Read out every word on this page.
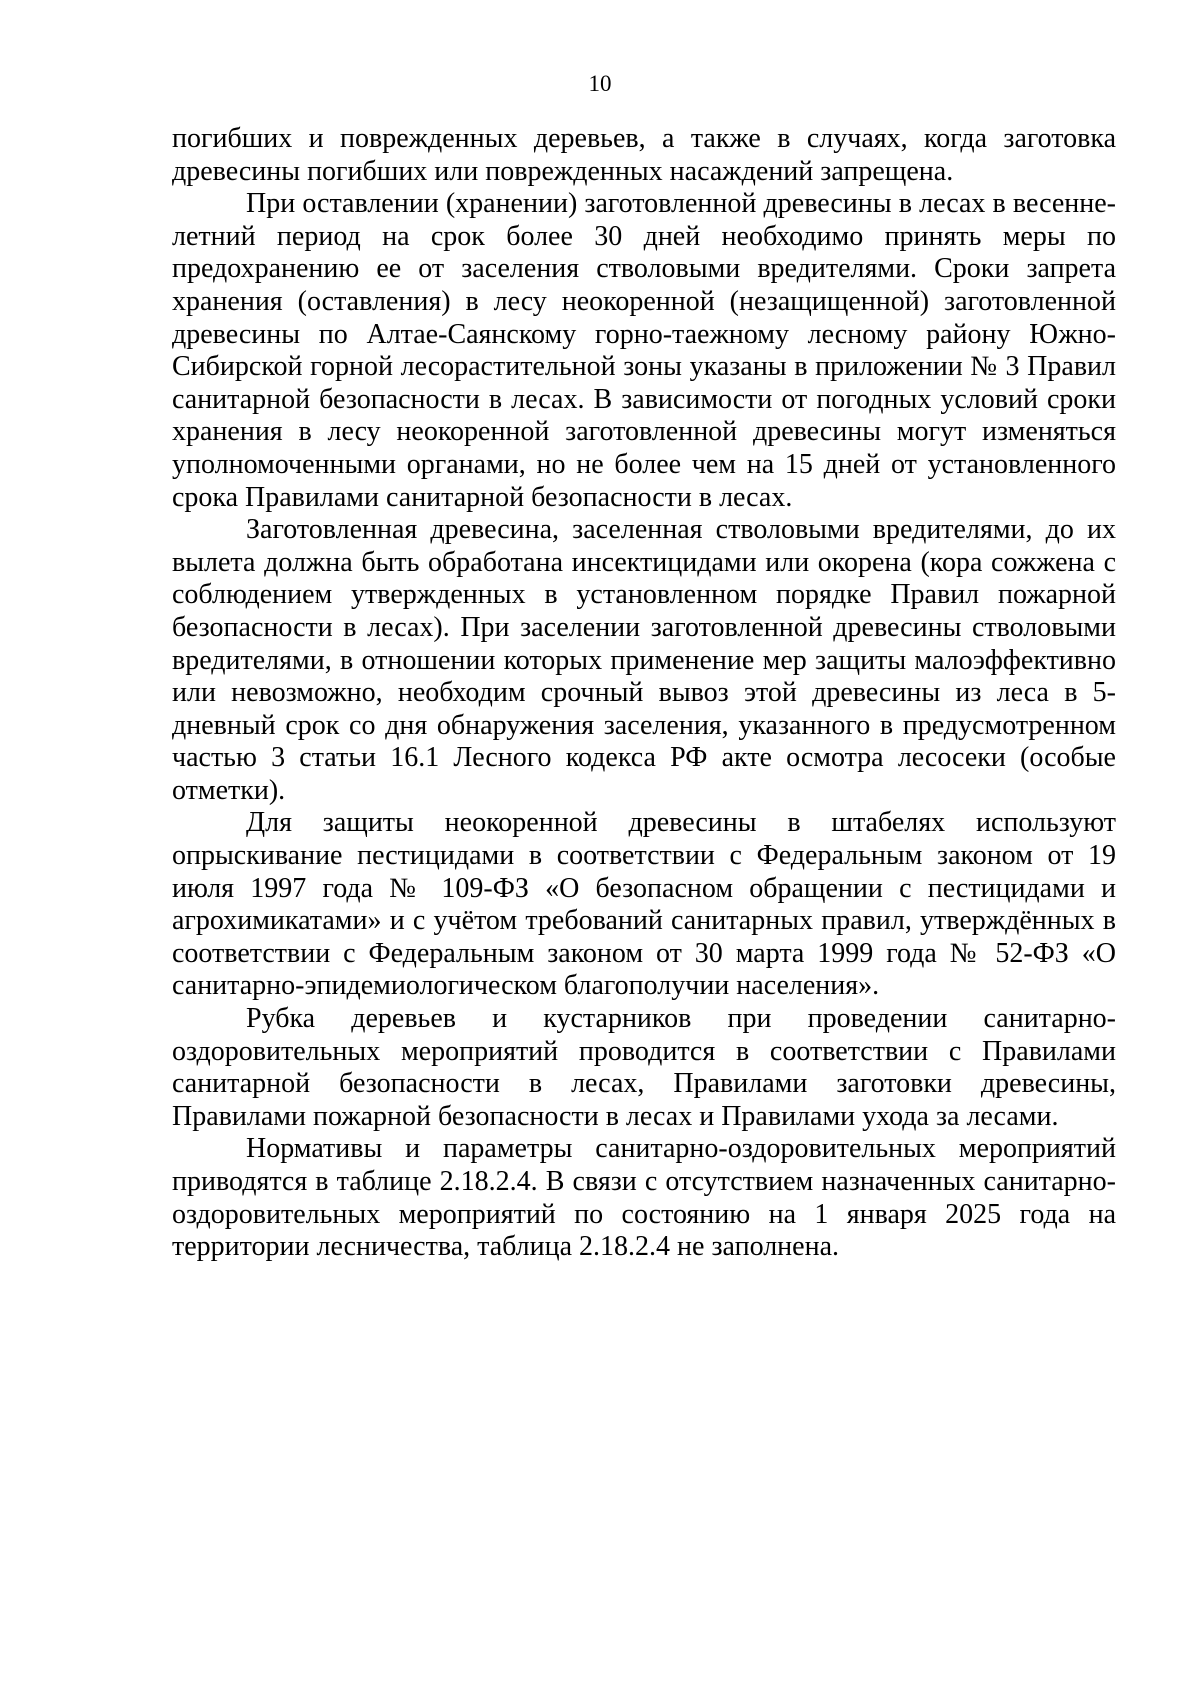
10

погибших и поврежденных деревьев, а также в случаях, когда заготовка древесины погибших или поврежденных насаждений запрещена.

При оставлении (хранении) заготовленной древесины в лесах в весенне-летний период на срок более 30 дней необходимо принять меры по предохранению ее от заселения стволовыми вредителями. Сроки запрета хранения (оставления) в лесу неокоренной (незащищенной) заготовленной древесины по Алтае-Саянскому горно-таежному лесному району Южно-Сибирской горной лесорастительной зоны указаны в приложении № 3 Правил санитарной безопасности в лесах. В зависимости от погодных условий сроки хранения в лесу неокоренной заготовленной древесины могут изменяться уполномоченными органами, но не более чем на 15 дней от установленного срока Правилами санитарной безопасности в лесах.

Заготовленная древесина, заселенная стволовыми вредителями, до их вылета должна быть обработана инсектицидами или окорена (кора сожжена с соблюдением утвержденных в установленном порядке Правил пожарной безопасности в лесах). При заселении заготовленной древесины стволовыми вредителями, в отношении которых применение мер защиты малоэффективно или невозможно, необходим срочный вывоз этой древесины из леса в 5-дневный срок со дня обнаружения заселения, указанного в предусмотренном частью 3 статьи 16.1 Лесного кодекса РФ акте осмотра лесосеки (особые отметки).

Для защиты неокоренной древесины в штабелях используют опрыскивание пестицидами в соответствии с Федеральным законом от 19 июля 1997 года № 109-ФЗ «О безопасном обращении с пестицидами и агрохимикатами» и с учётом требований санитарных правил, утверждённых в соответствии с Федеральным законом от 30 марта 1999 года № 52-ФЗ «О санитарно-эпидемиологическом благополучии населения».

Рубка деревьев и кустарников при проведении санитарно-оздоровительных мероприятий проводится в соответствии с Правилами санитарной безопасности в лесах, Правилами заготовки древесины, Правилами пожарной безопасности в лесах и Правилами ухода за лесами.

Нормативы и параметры санитарно-оздоровительных мероприятий приводятся в таблице 2.18.2.4. В связи с отсутствием назначенных санитарно-оздоровительных мероприятий по состоянию на 1 января 2025 года на территории лесничества, таблица 2.18.2.4 не заполнена.
